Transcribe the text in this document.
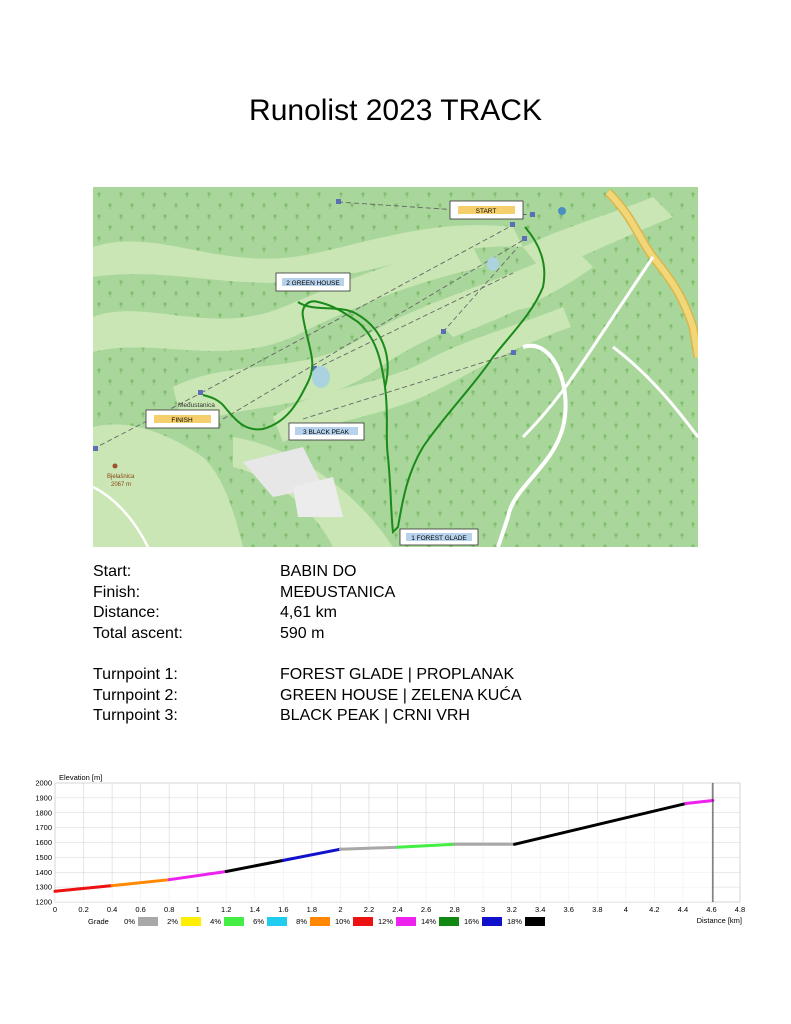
Runolist 2023 TRACK
START
FINISH
1 FOREST GLADE
2 GREEN HOUSE
3 BLACK PEAK
Međustanica
Bjelašnica
2067 m
Start:	BABIN DO
Finish:	MEĐUSTANICA
Distance:	4,61 km
Total ascent:	590 m
Turnpoint 1:	FOREST GLADE | PROPLANAK
Turnpoint 2:	GREEN HOUSE | ZELENA KUĆA
Turnpoint 3:	BLACK PEAK | CRNI VRH
0	0.2 0.4 0.6 0.8	1	1.2 1.4 1.6 1.8	2	2.2 2.4 2.6 2.8	3	3.2 3.4 3.6 3.8	4	4.2 4.4 4.6 4.8
2000
1900
1800
1700
1600
1500
1400
1300
1200
Elevation [m]
Distance [km]
Grade 0%	2%	4%	6%	8%	10%	12%	14%	16%	18%
